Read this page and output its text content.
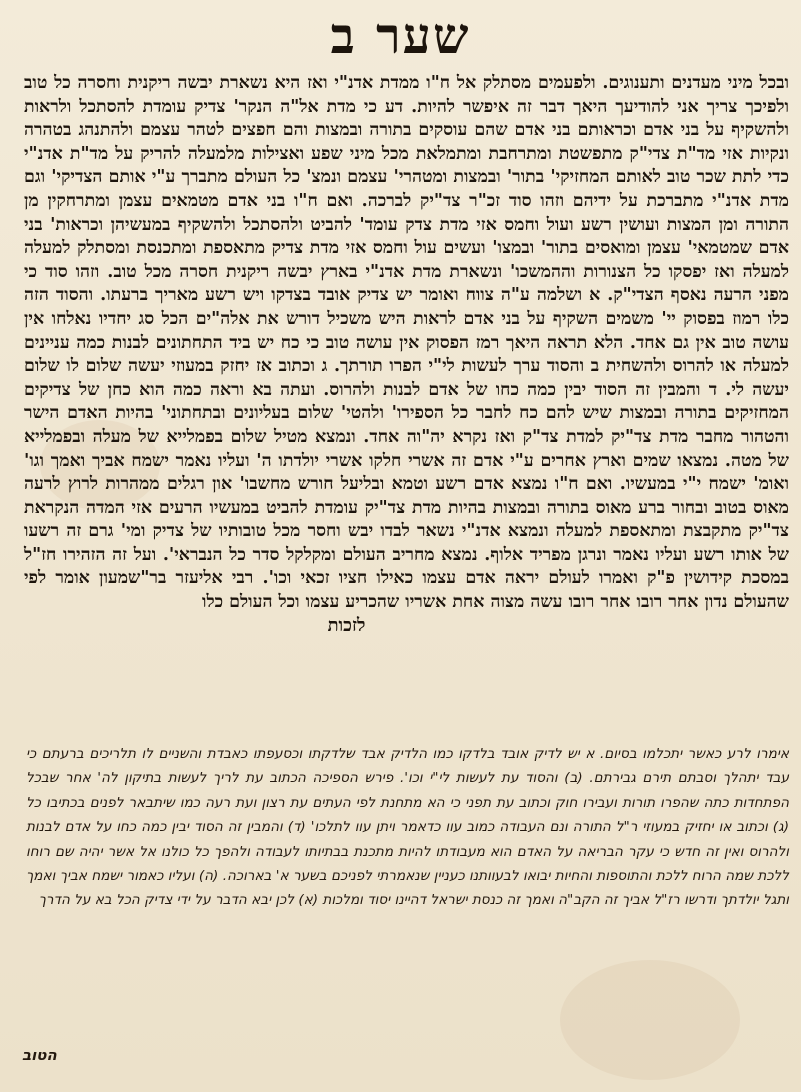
שער ב

ובכל מיני מעדנים ותענוגים. ולפעמים מסתלק אל ח"ו ממדת אדנ"י ואז היא נשארת יבשה ריקנית וחסרה כל טוב ולפיכך צריך אני להודיעך היאך דבר זה איפשר להיות. דע כי מדת אל"ה הנקר' צדיק עומדת להסתכל ולראות ולהשקיף על בני אדם וכראותם בני אדם שהם עוסקים בתורה ובמצות והם חפצים לטהר עצמם ולהתנהג בטהרה ונקיות אזי מד"ת צדי"ק מתפשטת ומתרחבת ומתמלאת מכל מיני שפע ואצילות מלמעלה להריק על מד"ת אדנ"י כדי לתת שכר טוב לאותם המחזיקי' בתור' ובמצות ומטהרי' עצמם ונמצ' כל העולם מתברך ע"י אותם הצדיקי' וגם מדת אדנ"י מתברכת על ידיהם וזהו סוד זכ"ר צד"יק לברכה. ואם ח"ו בני אדם מטמאים עצמן ומתרחקין מן התורה ומן המצות ועושין רשע ועול וחמס אזי מדת צדק עומד' להביט ולהסתכל ולהשקיף במעשיהן וכראות' בני אדם שמטמאי' עצמן ומואסים בתור' ובמצו' ועשים עול וחמס אזי מדת צדיק מתאספת ומתכנסת ומסתלק למעלה למעלה ואז יפסקו כל הצנורות וההמשכו' ונשארת מדת אדנ"י בארץ יבשה ריקנית חסרה מכל טוב. וזהו סוד כי מפני הרעה נאסף הצדי"ק. א ושלמה ע"ה צווח ואומר יש צדיק אובד בצדקו ויש רשע מאריך ברעתו. והסוד הזה כלו רמוז בפסוק יי' משמים השקיף על בני אדם לראות היש משכיל דורש את אלה"ים הכל סג יחדיו נאלחו אין עושה טוב אין גם אחד. הלא תראה היאך רמז הפסוק אין עושה טוב כי כח יש ביד התחתונים לבנות כמה עניינים למעלה או להרוס ולהשחית ב והסוד ערך לעשות לי"י הפרו תורתך. ג וכתוב אז יחזק במעוזי יעשה שלום לו שלום יעשה לי. ד והמבין זה הסוד יבין כמה כחו של אדם לבנות ולהרוס. ועתה בא וראה כמה הוא כחן של צדיקים המחזיקים בתורה ובמצות שיש להם כח לחבר כל הספירו' ולהטי' שלום בעליונים ובתחתוני' בהיות האדם הישר והטהור מחבר מדת צד"יק למדת צד"ק ואז נקרא יה"וה אחד. ונמצא מטיל שלום בפמלייא של מעלה ובפמלייא של מטה. נמצאו שמים וארץ אחרים ע"י אדם זה אשרי חלקו אשרי יולדתו ה' ועליו נאמר ישמח אביך ואמך וגו' ואומ' ישמח י"י במעשיו. ואם ח"ו נמצא אדם רשע וטמא ובליעל חורש מחשבו' און רגלים ממהרות לרוץ לרעה מאוס בטוב ובחור ברע מאוס בתורה ובמצות בהיות מדת צד"יק עומדת להביט במעשיו הרעים אזי המדה הנקראת צד"יק מתקבצת ומתאספת למעלה ונמצא אדנ"י נשאר לבדו יבש וחסר מכל טובותיו של צדיק ומי' גרם זה רשעו של אותו רשע ועליו נאמר ונרגן מפריד אלוף. נמצא מחריב העולם ומקלקל סדר כל הנבראי'. ועל זה הזהירו חז"ל במסכת קידושין פ"ק ואמרו לעולם יראה אדם עצמו כאילו חציו זכאי וכו'. רבי אליעזר בר"שמעון אומר לפי שהעולם נדון אחר רובו אחר רובו עשה מצוה אחת אשריו שהכריע עצמו וכל העולם כלו

לזכות

אימרו לרע כאשר יתכלמו בסיום. א יש לדיק אובד בלדקו כמו הלדיק אבד שלדקתו וכסעפתו כאבדת והשניים לו תלריכים ברעתם כי עבד יתהלך וסבתם תירם גבירתם. (ב) והסוד עת לעשות לי"י וכו'. פירש הספיכה הכתוב עת לריך לעשות בתיקון לה' אחר שבכל הפתחדות כתה שהפרו תורות ועבירו חוק וכתוב עת תפני כי הא מתחנת לפי העתים עת רצון ועת רעה כמו שיתבאר לפנים בכתיבו כל (ג) וכתוב או יחזיק במעוזי ר"ל התורה ונם העבודה כמוב עוו כדאמר ויתן עוו לתלכו' (ד) והמבין זה הסוד יבין כמה כחו על אדם לבנות ולהרוס ואין זה חדש כי עקר הבריאה על האדם הוא מעבודתו להיות מתכנת בבתיותו לעבודה ולהפך כל כולנו אל אשר יהיה שם רוחו ללכת שמה הרוח ללכת והתוספות והחיות יבואו לבעוותנו כעניין שנאמרתי לפניכם בשער א' בארוכה. (ה) ועליו כאמור ישמח אביך ואמך ותגל יולדתך ודרשו רז"ל אביך זה הקב"ה ואמך זה כנסת ישראל דהיינו יסוד ומלכות (א) לכן יבא הדבר על ידי צדיק הכל בא על הדרך

הטוב
